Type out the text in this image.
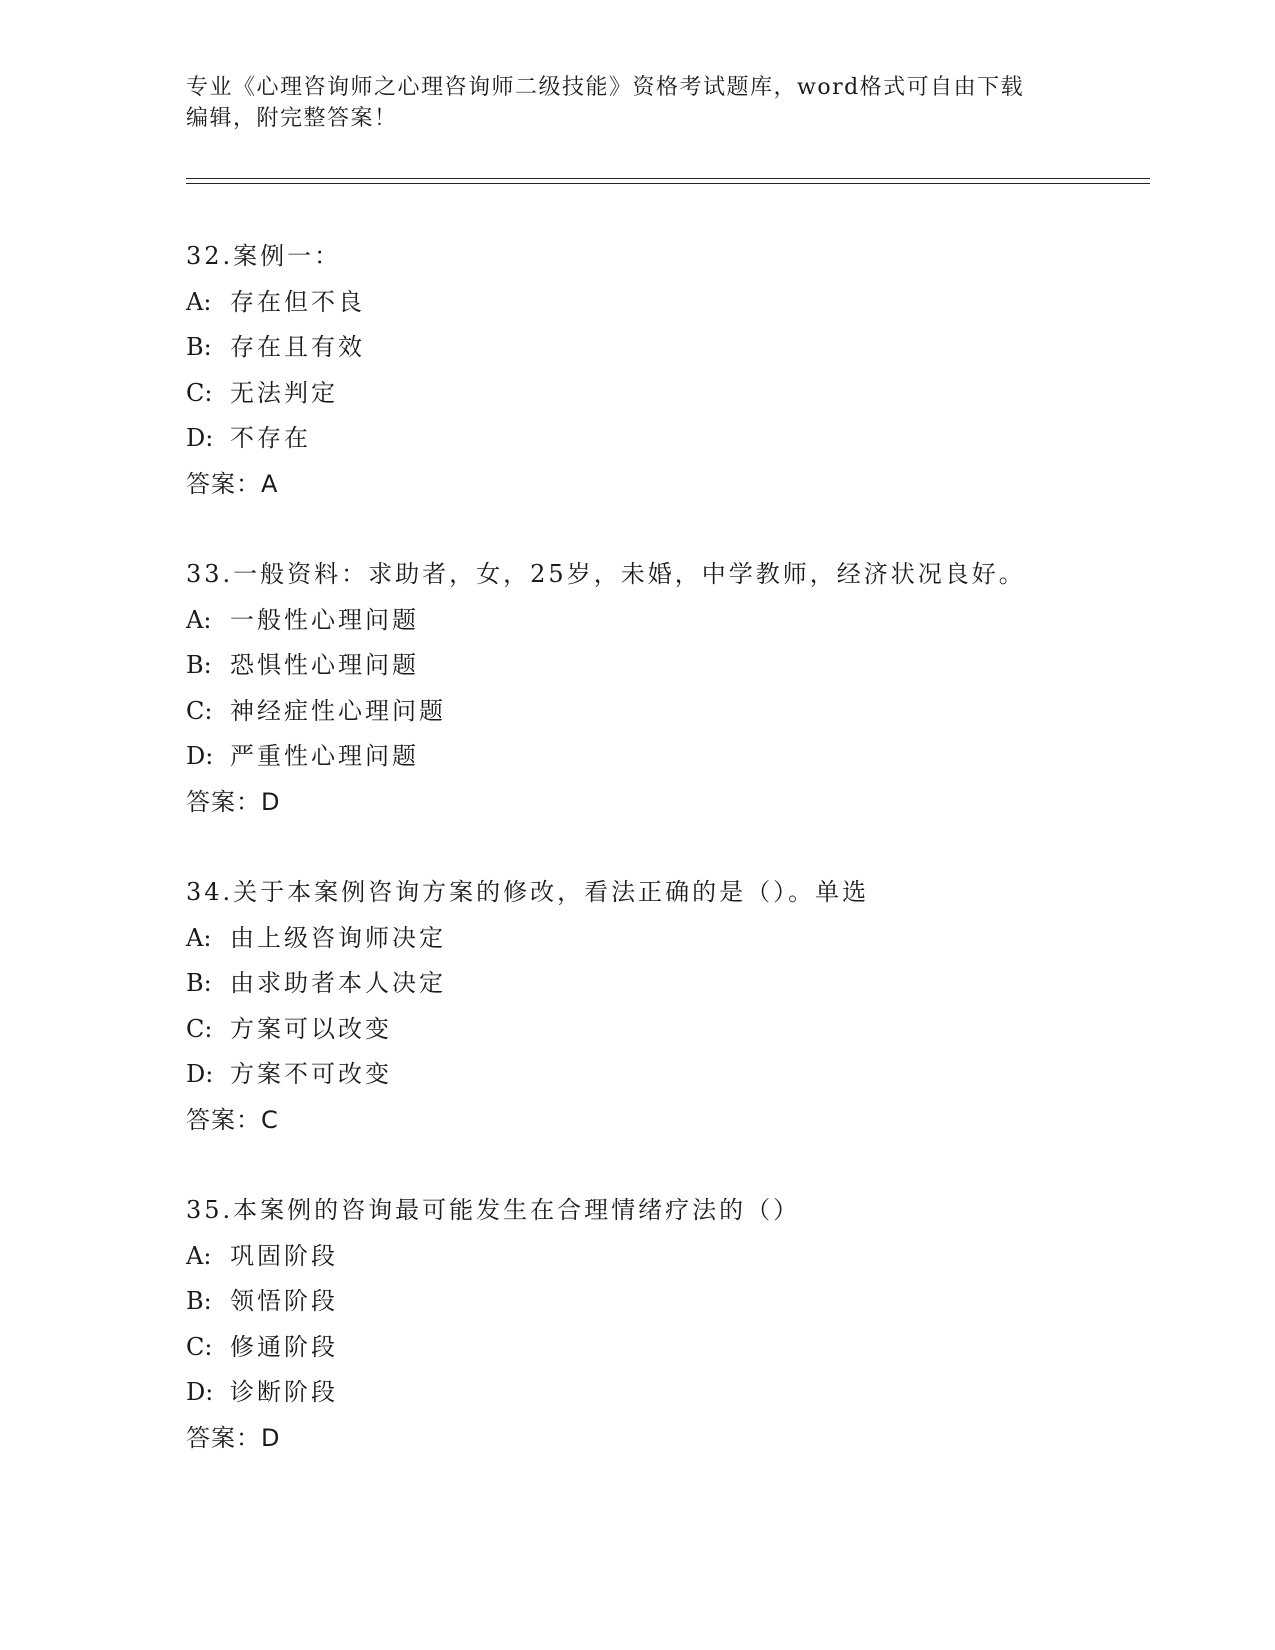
专业《心理咨询师之心理咨询师二级技能》资格考试题库，word格式可自由下载
编辑，附完整答案！
32.案例一：
A: 存在但不良
B: 存在且有效
C: 无法判定
D: 不存在
答案：A
33.一般资料：求助者，女，25岁，未婚，中学教师，经济状况良好。
A: 一般性心理问题
B: 恐惧性心理问题
C: 神经症性心理问题
D: 严重性心理问题
答案：D
34.关于本案例咨询方案的修改，看法正确的是（）。单选
A: 由上级咨询师决定
B: 由求助者本人决定
C: 方案可以改变
D: 方案不可改变
答案：C
35.本案例的咨询最可能发生在合理情绪疗法的（）
A: 巩固阶段
B: 领悟阶段
C: 修通阶段
D: 诊断阶段
答案：D
